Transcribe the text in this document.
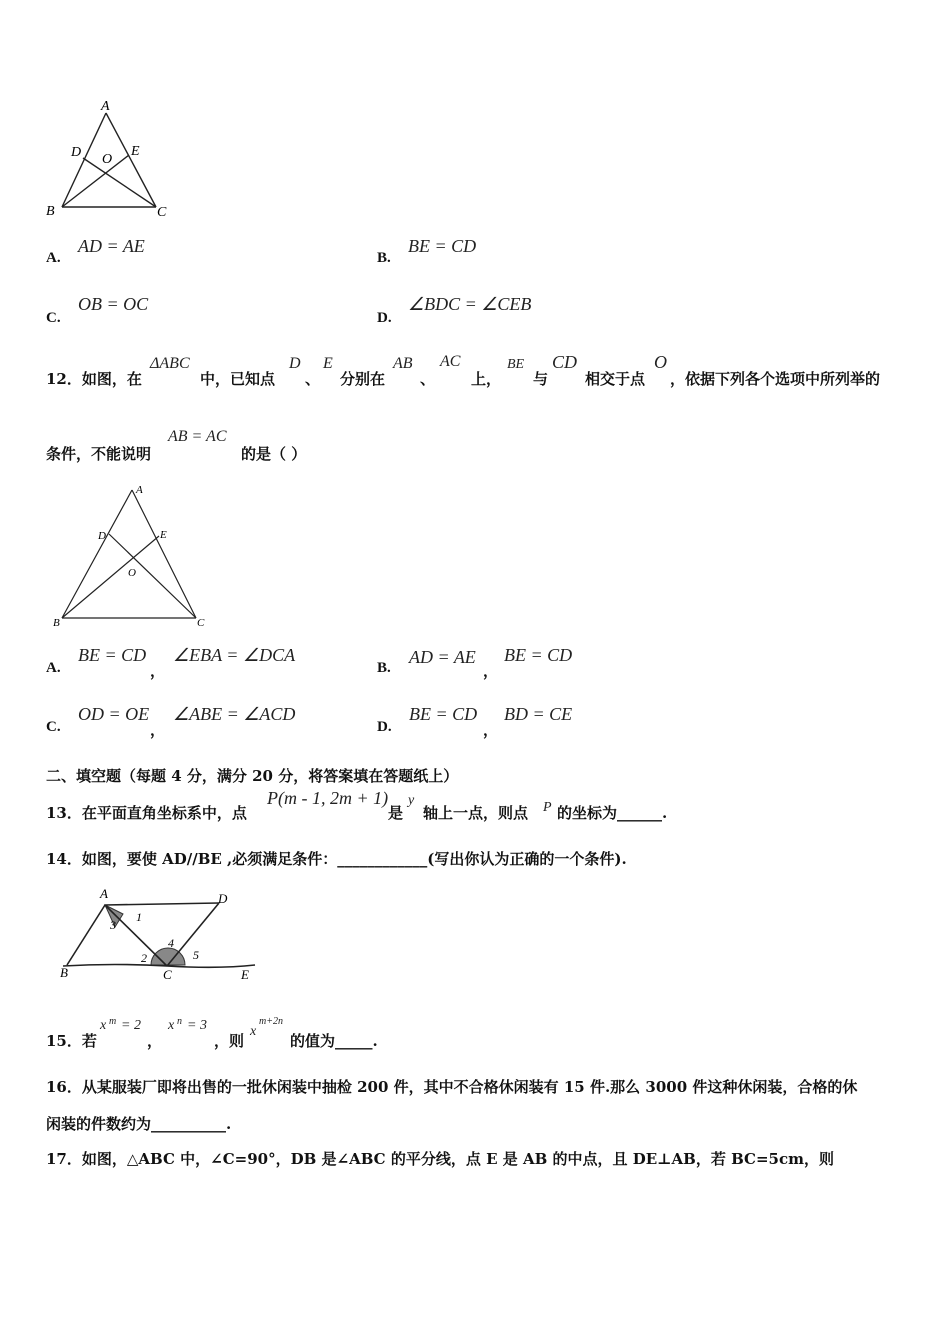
A
B	C
D	E
O
A.
AD = AE
B.
BE = CD
C.
OB = OC
D.
∠BDC = ∠CEB
12．如图，在
ΔABC
中，已知点
D
、
E
分别在
AB
、
AC
上，
BE
与
CD
相交于点
O
，依据下列各个选项中所列举的
条件，不能说明
AB = AC
的是（ ）
A
B	C
D	E
O
A.
BE = CD
，
∠EBA = ∠DCA
B.
AD = AE
，
BE = CD
C.
OD = OE
，
∠ABE = ∠ACD
D.
BE = CD
，
BD = CE
二、填空题（每题 4 分，满分 20 分，将答案填在答题纸上）
13．在平面直角坐标系中，点
P(m - 1, 2m + 1)
是
y
轴上一点，则点 P 的坐标为______.
14．如图，要使 AD//BE ,必须满足条件：____________(写出你认为正确的一个条件).
A
B	C
D
E
1
2
3
4
5
15．若
x m = 2
，
x n = 3
，则
x
m+2n
的值为_____.
16．从某服装厂即将出售的一批休闲装中抽检 200 件，其中不合格休闲装有 15 件.那么 3000 件这种休闲装，合格的休
闲装的件数约为__________.
17．如图，△ABC 中，∠C=90°，DB 是∠ABC 的平分线，点 E 是 AB 的中点，且 DE⊥AB，若 BC=5cm，则
